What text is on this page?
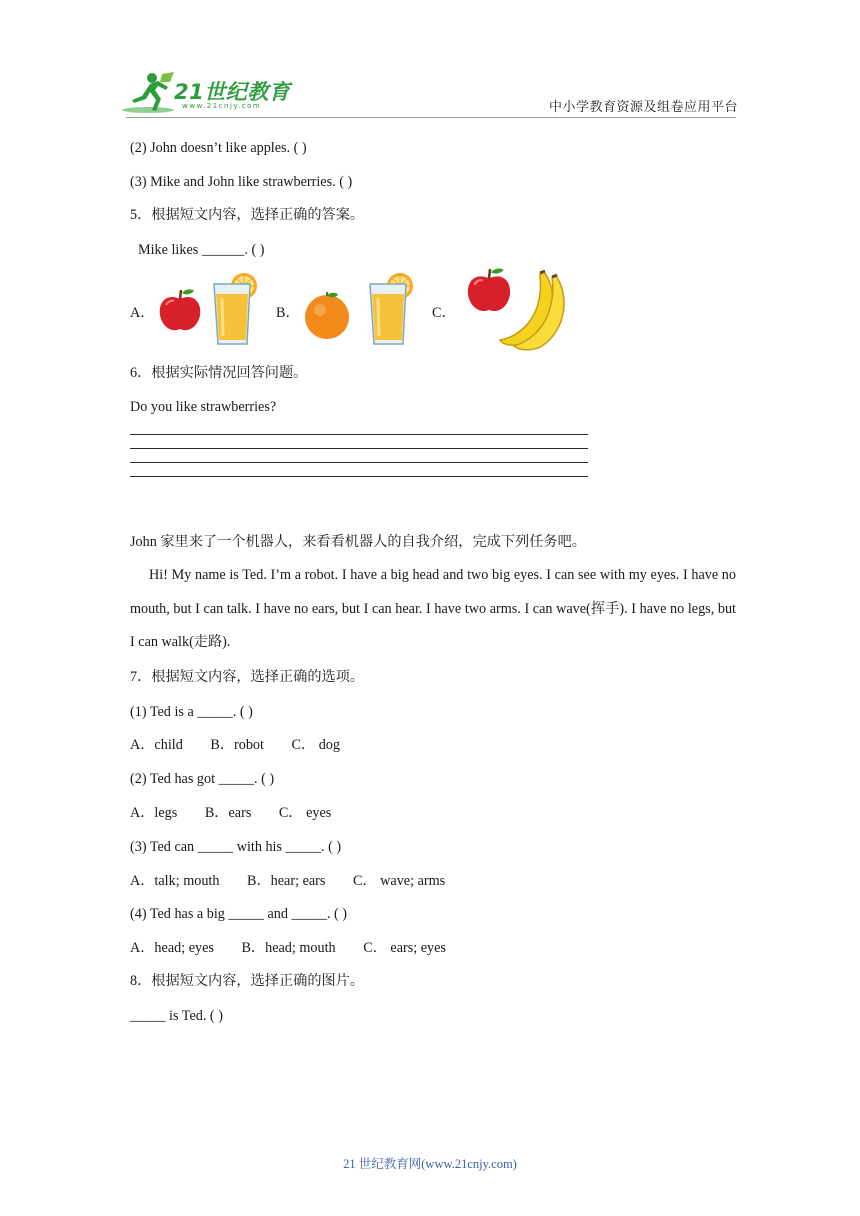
21世纪教育
www.21cnjy.com	中小学教育资源及组卷应用平台
(2) John doesn’t like apples. ( )
(3) Mike and John like strawberries. ( )
5．根据短文内容，选择正确的答案。
Mike likes ______. ( )
A．	B．	C．
6．根据实际情况回答问题。
Do you like strawberries?
John 家里来了一个机器人，来看看机器人的自我介绍，完成下列任务吧。
Hi! My name is Ted. I’m a robot. I have a big head and two big eyes. I can see with my eyes. I have no mouth, but I can talk. I have no ears, but I can hear. I have two arms. I can wave(挥手). I have no legs, but I can walk(走路).
7．根据短文内容，选择正确的选项。
(1) Ted is a _____. ( )
A．child B．robot C． dog
(2) Ted has got _____. ( )
A．legs B．ears C． eyes
(3) Ted can _____ with his _____. ( )
A．talk; mouth B．hear; ears C． wave; arms
(4) Ted has a big _____ and _____. ( )
A．head; eyes B．head; mouth C． ears; eyes
8．根据短文内容，选择正确的图片。
_____ is Ted. ( )
21 世纪教育网(www.21cnjy.com)
